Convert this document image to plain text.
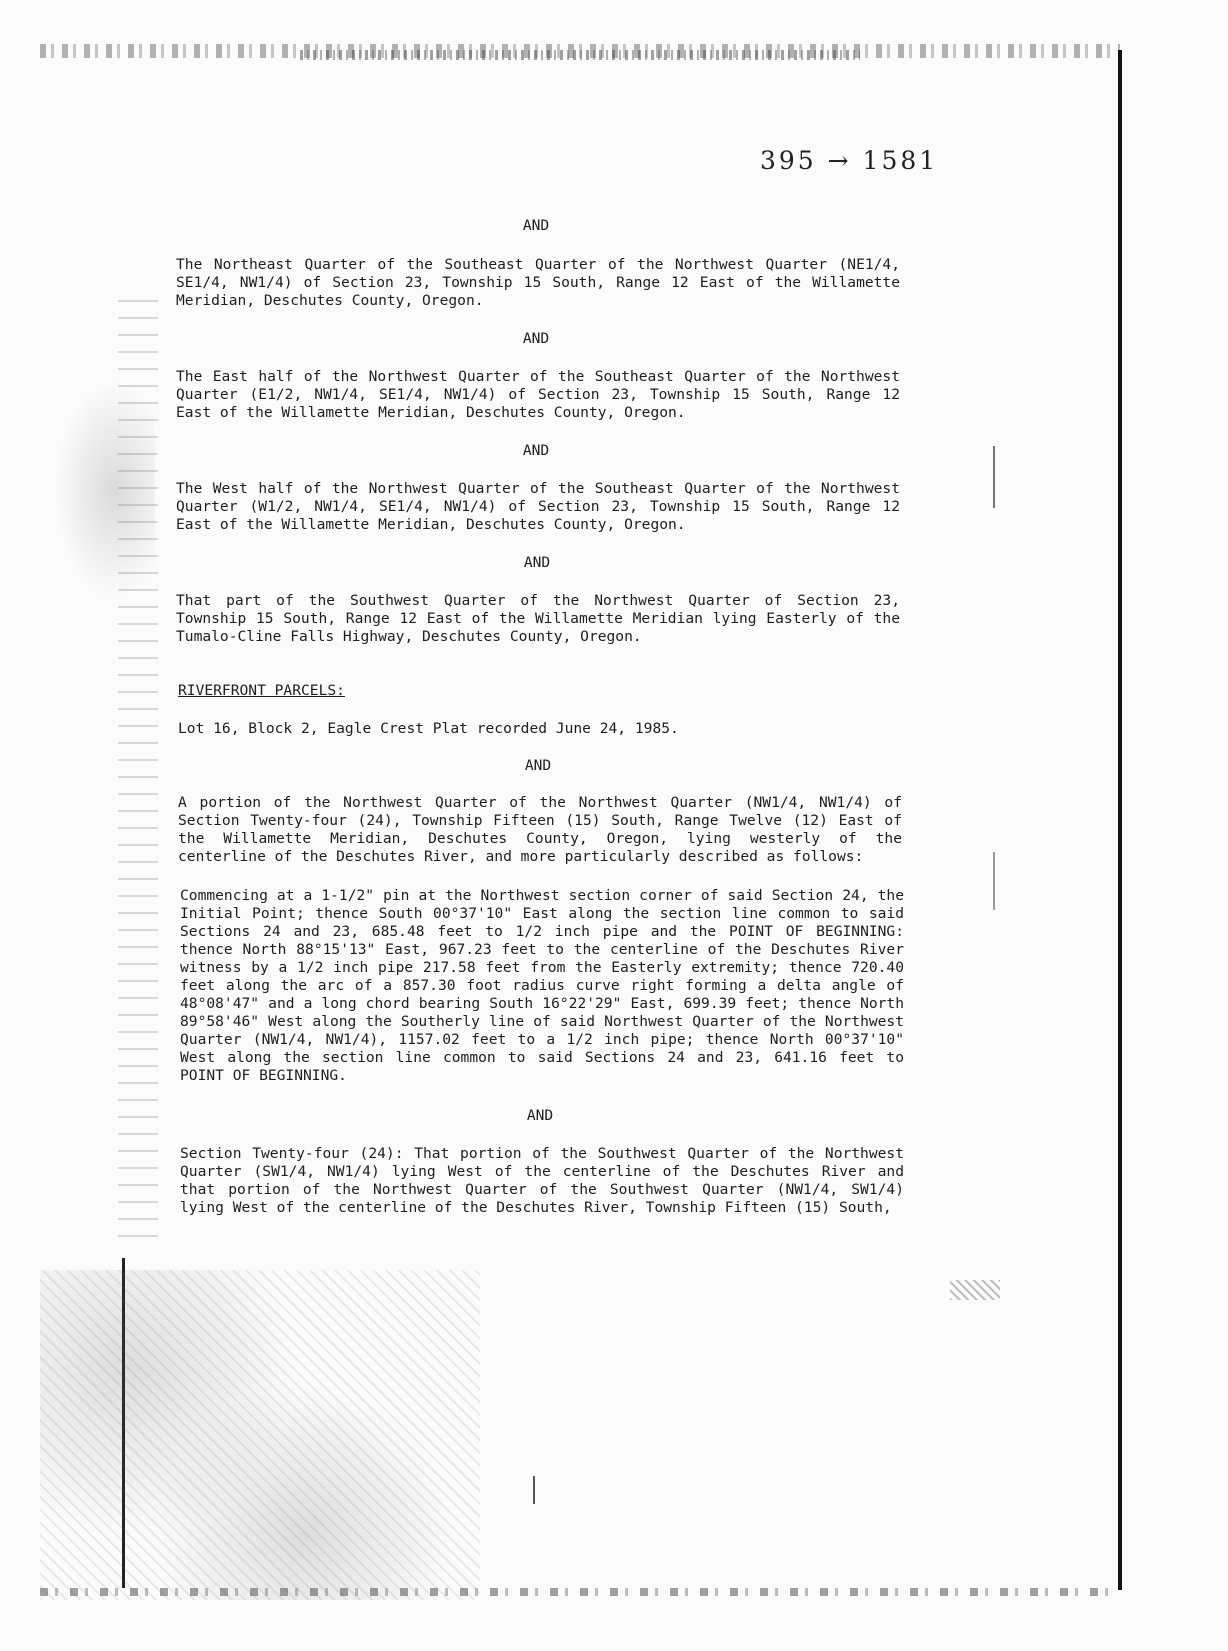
395 → 1581
AND

The Northeast Quarter of the Southeast Quarter of the Northwest Quarter (NE1/4, SE1/4, NW1/4) of Section 23, Township 15 South, Range 12 East of the Willamette Meridian, Deschutes County, Oregon.

AND

The East half of the Northwest Quarter of the Southeast Quarter of the Northwest Quarter (E1/2, NW1/4, SE1/4, NW1/4) of Section 23, Township 15 South, Range 12 East of the Willamette Meridian, Deschutes County, Oregon.

AND

The West half of the Northwest Quarter of the Southeast Quarter of the Northwest Quarter (W1/2, NW1/4, SE1/4, NW1/4) of Section 23, Township 15 South, Range 12 East of the Willamette Meridian, Deschutes County, Oregon.

AND

That part of the Southwest Quarter of the Northwest Quarter of Section 23, Township 15 South, Range 12 East of the Willamette Meridian lying Easterly of the Tumalo-Cline Falls Highway, Deschutes County, Oregon.

RIVERFRONT PARCELS:

Lot 16, Block 2, Eagle Crest Plat recorded June 24, 1985.

AND

A portion of the Northwest Quarter of the Northwest Quarter (NW1/4, NW1/4) of Section Twenty-four (24), Township Fifteen (15) South, Range Twelve (12) East of the Willamette Meridian, Deschutes County, Oregon, lying westerly of the centerline of the Deschutes River, and more particularly described as follows:

Commencing at a 1-1/2" pin at the Northwest section corner of said Section 24, the Initial Point; thence South 00°37'10" East along the section line common to said Sections 24 and 23, 685.48 feet to 1/2 inch pipe and the POINT OF BEGINNING: thence North 88°15'13" East, 967.23 feet to the centerline of the Deschutes River witness by a 1/2 inch pipe 217.58 feet from the Easterly extremity; thence 720.40 feet along the arc of a 857.30 foot radius curve right forming a delta angle of 48°08'47" and a long chord bearing South 16°22'29" East, 699.39 feet; thence North 89°58'46" West along the Southerly line of said Northwest Quarter of the Northwest Quarter (NW1/4, NW1/4), 1157.02 feet to a 1/2 inch pipe; thence North 00°37'10" West along the section line common to said Sections 24 and 23, 641.16 feet to POINT OF BEGINNING.

AND

Section Twenty-four (24): That portion of the Southwest Quarter of the Northwest Quarter (SW1/4, NW1/4) lying West of the centerline of the Deschutes River and that portion of the Northwest Quarter of the Southwest Quarter (NW1/4, SW1/4) lying West of the centerline of the Deschutes River, Township Fifteen (15) South,
